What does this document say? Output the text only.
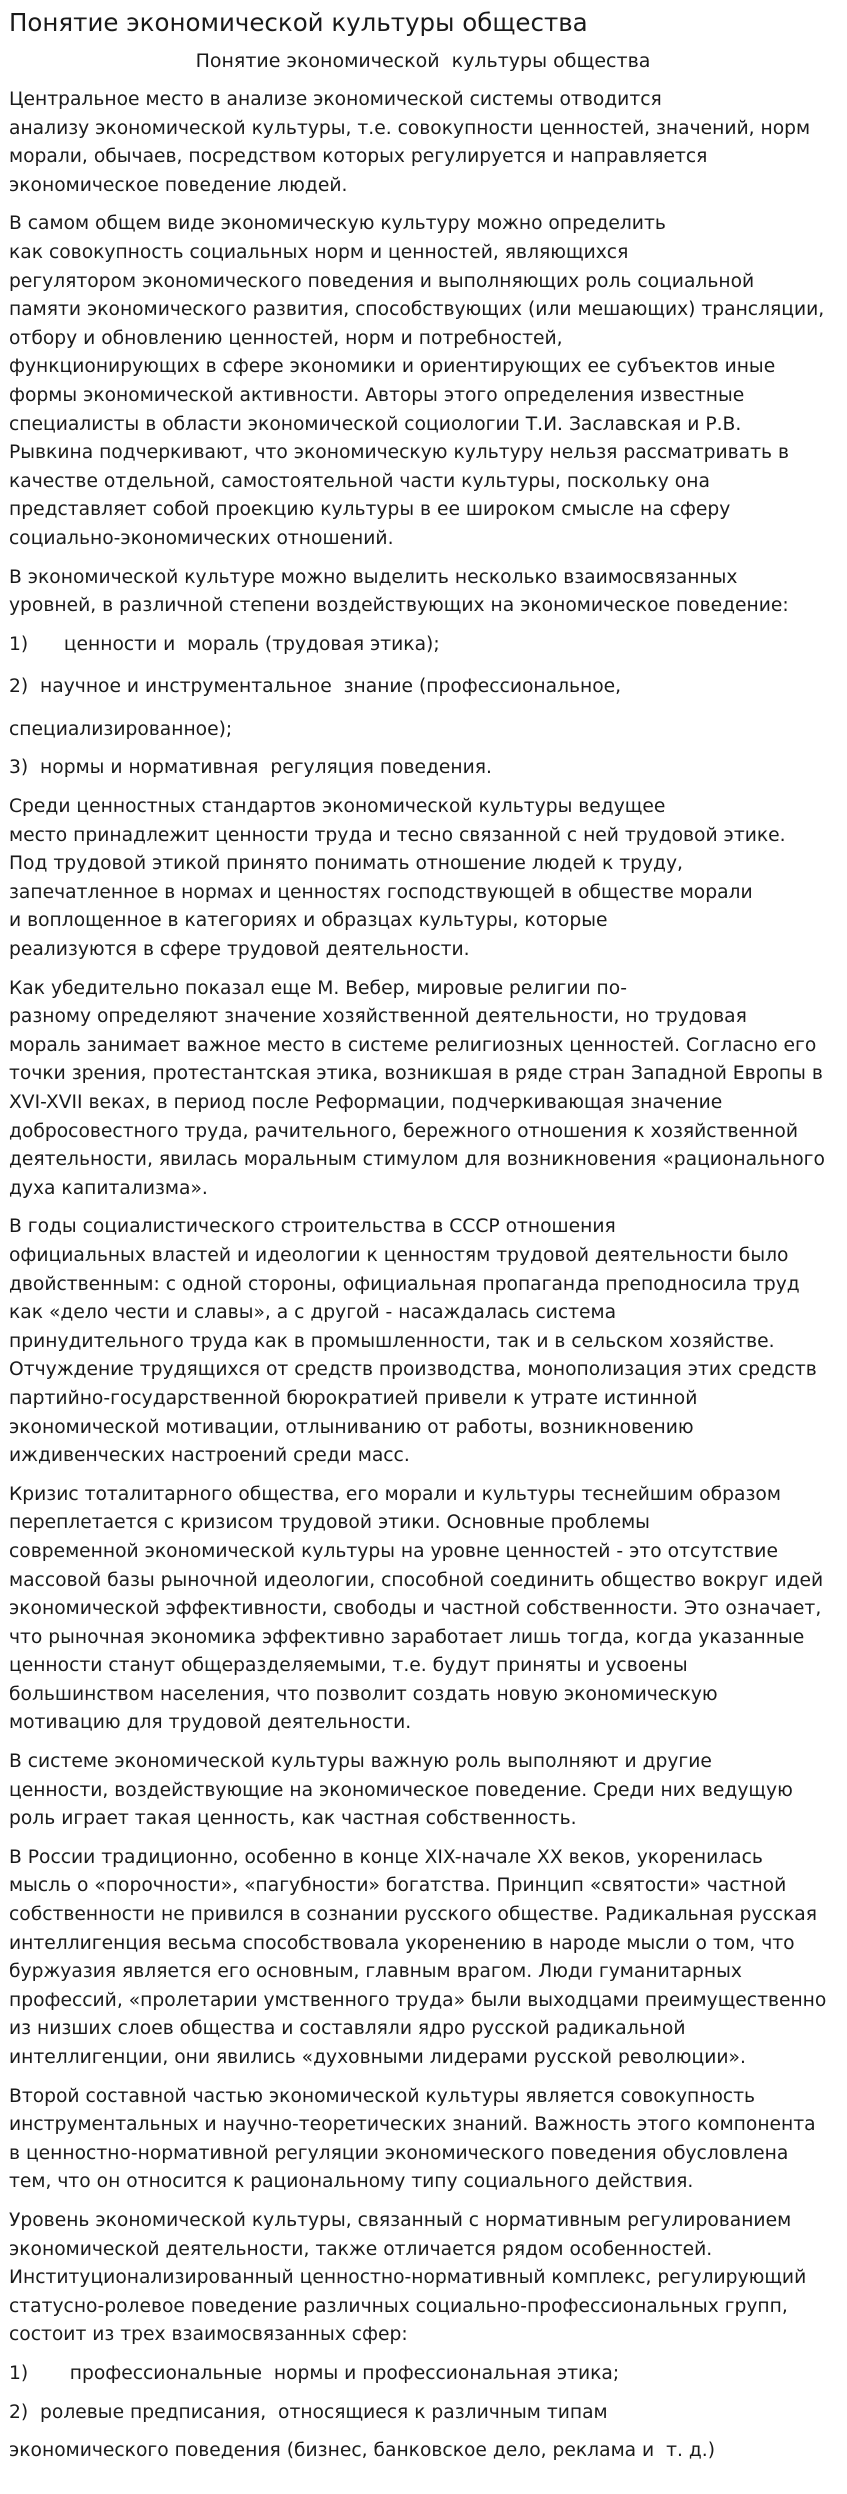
Понятие экономической культуры общества
Понятие экономической  культуры общества
Центральное место в анализе экономической системы отводится
анализу экономической культуры, т.е. совокупности ценностей, значений, норм
морали, обычаев, посредством которых регулируется и направляется
экономическое поведение людей.
В самом общем виде экономическую культуру можно определить
как совокупность социальных норм и ценностей, являющихся
регулятором экономического поведения и выполняющих роль социальной
памяти экономического развития, способствующих (или мешающих) трансляции,
отбору и обновлению ценностей, норм и потребностей,
функционирующих в сфере экономики и ориентирующих ее субъектов иные
формы экономической активности. Авторы этого определения известные
специалисты в области экономической социологии Т.И. Заславская и Р.В.
Рывкина подчеркивают, что экономическую культуру нельзя рассматривать в
качестве отдельной, самостоятельной части культуры, поскольку она
представляет собой проекцию культуры в ее широком смысле на сферу
социально-экономических отношений.
В экономической культуре можно выделить несколько взаимосвязанных
уровней, в различной степени воздействующих на экономическое поведение:
1)      ценности и  мораль (трудовая этика);
2)  научное и инструментальное  знание (профессиональное,
специализированное);
3)  нормы и нормативная  регуляция поведения.
Среди ценностных стандартов экономической культуры ведущее
место принадлежит ценности труда и тесно связанной с ней трудовой этике.
Под трудовой этикой принято понимать отношение людей к труду,
запечатленное в нормах и ценностях господствующей в обществе морали
и воплощенное в категориях и образцах культуры, которые
реализуются в сфере трудовой деятельности.
Как убедительно показал еще М. Вебер, мировые религии по-
разному определяют значение хозяйственной деятельности, но трудовая
мораль занимает важное место в системе религиозных ценностей. Согласно его
точки зрения, протестантская этика, возникшая в ряде стран Западной Европы в
XVI-XVII веках, в период после Реформации, подчеркивающая значение
добросовестного труда, рачительного, бережного отношения к хозяйственной
деятельности, явилась моральным стимулом для возникновения «рационального
духа капитализма».
В годы социалистического строительства в СССР отношения
официальных властей и идеологии к ценностям трудовой деятельности было
двойственным: с одной стороны, официальная пропаганда преподносила труд
как «дело чести и славы», а с другой - насаждалась система
принудительного труда как в промышленности, так и в сельском хозяйстве.
Отчуждение трудящихся от средств производства, монополизация этих средств
партийно-государственной бюрократией привели к утрате истинной
экономической мотивации, отлыниванию от работы, возникновению
иждивенческих настроений среди масс.
Кризис тоталитарного общества, его морали и культуры теснейшим образом
переплетается с кризисом трудовой этики. Основные проблемы
современной экономической культуры на уровне ценностей - это отсутствие
массовой базы рыночной идеологии, способной соединить общество вокруг идей
экономической эффективности, свободы и частной собственности. Это означает,
что рыночная экономика эффективно заработает лишь тогда, когда указанные
ценности станут общеразделяемыми, т.е. будут приняты и усвоены
большинством населения, что позволит создать новую экономическую
мотивацию для трудовой деятельности.
В системе экономической культуры важную роль выполняют и другие
ценности, воздействующие на экономическое поведение. Среди них ведущую
роль играет такая ценность, как частная собственность.
В России традиционно, особенно в конце XIX-начале XX веков, укоренилась
мысль о «порочности», «пагубности» богатства. Принцип «святости» частной
собственности не привился в сознании русского обществе. Радикальная русская
интеллигенция весьма способствовала укоренению в народе мысли о том, что
буржуазия является его основным, главным врагом. Люди гуманитарных
профессий, «пролетарии умственного труда» были выходцами преимущественно
из низших слоев общества и составляли ядро русской радикальной
интеллигенции, они явились «духовными лидерами русской революции».
Второй составной частью экономической культуры является совокупность
инструментальных и научно-теоретических знаний. Важность этого компонента
в ценностно-нормативной регуляции экономического поведения обусловлена
тем, что он относится к рациональному типу социального действия.
Уровень экономической культуры, связанный с нормативным регулированием
экономической деятельности, также отличается рядом особенностей.
Институционализированный ценностно-нормативный комплекс, регулирующий
статусно-ролевое поведение различных социально-профессиональных групп,
состоит из трех взаимосвязанных сфер:
1)       профессиональные  нормы и профессиональная этика;
2)  ролевые предписания,  относящиеся к различным типам
экономического поведения (бизнес, банковское дело, реклама и  т. д.)
